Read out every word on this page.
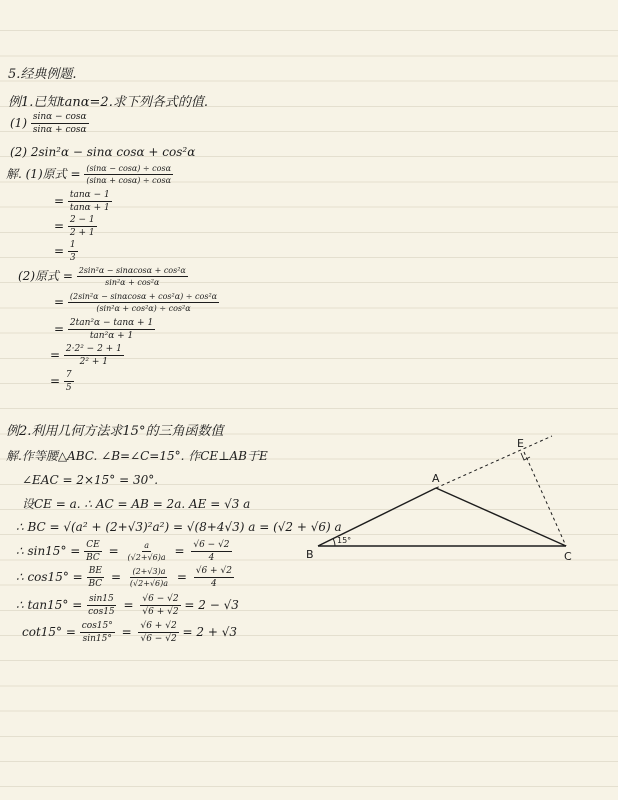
5.经典例题.
例1.已知tanα=2.求下列各式的值.
$(1) \frac{\sin\alpha - \cos\alpha}{\sin\alpha + \cos\alpha}$
(2) 2sin²α − sinα cosα + cos²α
解. (1)原式 = $\frac{(\sin\alpha - \cos\alpha) \div \cos\alpha}{(\sin\alpha + \cos\alpha) \div \cos\alpha}$
= $\frac{\tan\alpha - 1}{\tan\alpha + 1}$
= $\frac{2 - 1}{2 + 1}$
= $\frac{1}{3}$
(2)原式 = $\frac{\text{2sin²α − sinαcosα + cos²α}}{\text{sin²α + cos²α}}$
= $\frac{\text{(2sin²α − sinαcosα + cos²α) ÷ cos²α}}{\text{(sin²α + cos²α) ÷ cos²α}}$
= $\frac{\text{2tan²α − tanα + 1}}{\text{tan²α + 1}}$
= $\frac{\text{2·2² − 2 + 1}}{\text{2² + 1}}$
= $\frac{7}{5}$
例2.利用几何方法求15°的三角函数值
解.作等腰△ABC. ∠B=∠C=15°. 作CE⊥AB于E
∠EAC = 2×15° = 30°.
设CE = a. ∴ AC = AB = 2a. AE = √3 a
∴ BC = √(a² + (2+√3)²a²) = √(8+4√3) a = (√2 + √6) a
∴ $\sin 15^\circ = \frac{CE}{BC} = \frac{a}{(√2+√6)a} = \frac{√6 - √2}{4}$
∴ $\cos 15^\circ = \frac{BE}{BC} = \frac{(2+√3)a}{(√2+√6)a} = \frac{√6 + √2}{4}$
∴ $\tan 15^\circ = \frac{\sin 15}{\cos 15} = \frac{√6 - √2}{√6 + √2} = 2 - √3$
$\cot 15^\circ = \frac{\cos 15^\circ}{\sin 15^\circ} = \frac{√6 + √2}{√6 - √2} = 2 + √3$
15°
A
B	C
E
